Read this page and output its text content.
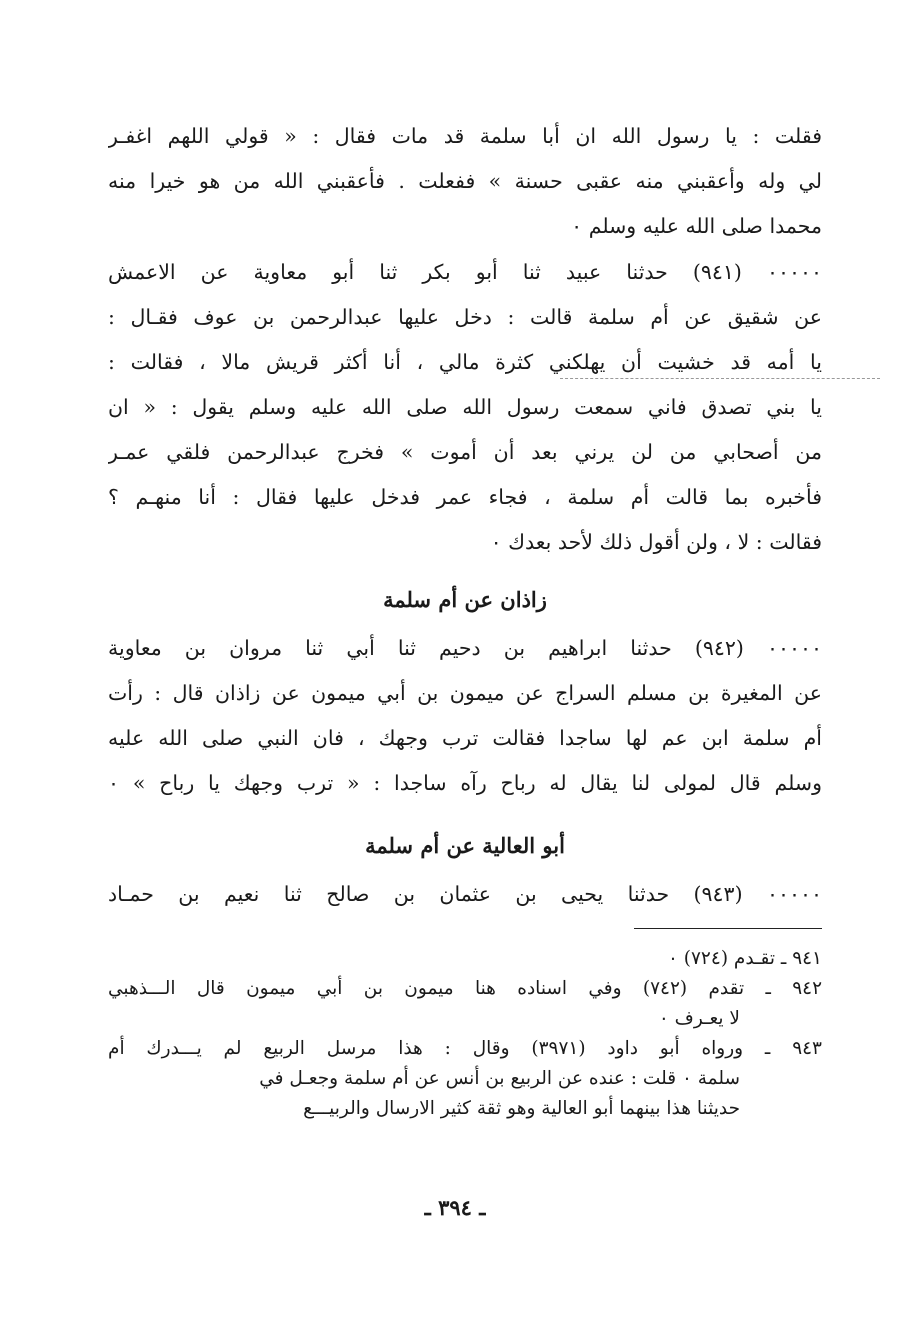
فقلت : يا رسول الله ان أبا سلمة قد مات فقال : « قولي اللهم اغفـر
لي وله وأعقبني منه عقبى حسنة » ففعلت . فأعقبني الله من هو خيرا منه
محمدا صلى الله عليه وسلم ٠
٠٠٠٠٠ (٩٤١) حدثنا عبيد ثنا أبو بكر ثنا أبو معاوية عن الاعمش
عن شقيق عن أم سلمة قالت : دخل عليها عبدالرحمن بن عوف فقـال :
يا أمه قد خشيت أن يهلكني كثرة مالي ، أنا أكثر قريش مالا ، فقالت :
يا بني تصدق فاني سمعت رسول الله صلى الله عليه وسلم يقول : « ان
من أصحابي من لن يرني بعد أن أموت » فخرج عبدالرحمن فلقي عمـر
فأخبره بما قالت أم سلمة ، فجاء عمر فدخل عليها فقال : أنا منهـم ؟
فقالت : لا ، ولن أقول ذلك لأحد بعدك ٠
زاذان عن أم سلمة
٠٠٠٠٠ (٩٤٢) حدثنا ابراهيم بن دحيم ثنا أبي ثنا مروان بن معاوية
عن المغيرة بن مسلم السراج عن ميمون بن أبي ميمون عن زاذان قال : رأت
أم سلمة ابن عم لها ساجدا فقالت ترب وجهك ، فان النبي صلى الله عليه
وسلم قال لمولى لنا يقال له رباح رآه ساجدا : « ترب وجهك يا رباح » ٠
أبو العالية عن أم سلمة
٠٠٠٠٠ (٩٤٣) حدثنا يحيى بن عثمان بن صالح ثنا نعيم بن حمـاد
٩٤١ ـ تقـدم (٧٢٤) ٠
٩٤٢ ـ تقدم (٧٤٢) وفي اسناده هنا ميمون بن أبي ميمون قال الـــذهبي
لا يعـرف ٠
٩٤٣ ـ ورواه أبو داود (٣٩٧١) وقال : هذا مرسل الربيع لم يـــدرك أم
سلمة ٠ قلت : عنده عن الربيع بن أنس عن أم سلمة وجعـل في
حديثنا هذا بينهما أبو العالية وهو ثقة كثير الارسال والربيـــع
ـ ٣٩٤ ـ
